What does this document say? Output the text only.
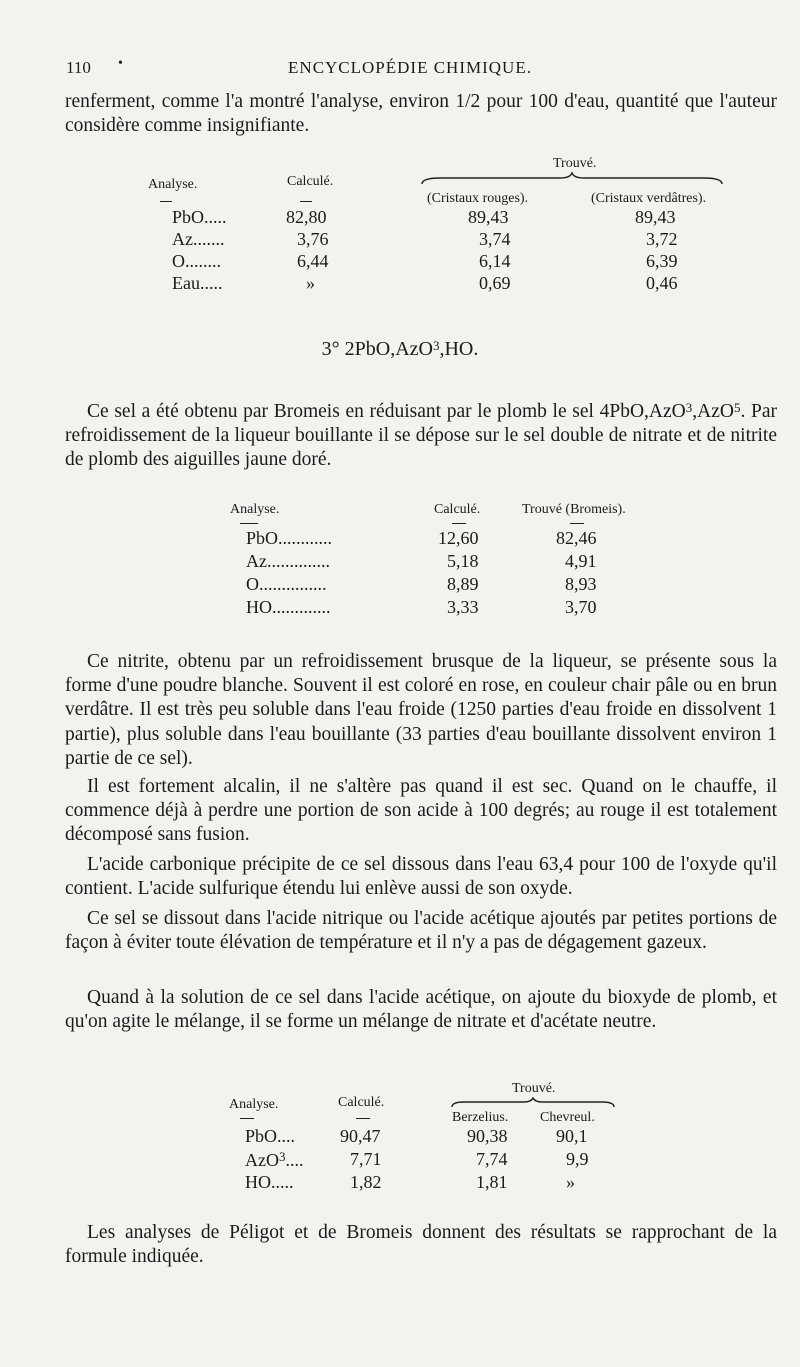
110 •	ENCYCLOPÉDIE CHIMIQUE.

renferment, comme l'a montré l'analyse, environ 1/2 pour 100 d'eau, quantité que l'auteur considère comme insignifiante.

Analyse.	Calculé.
Trouvé.
(Cristaux rouges).	(Cristaux verdâtres).
PbO.....	82,80	89,43	89,43
Az.......	3,76	3,74	3,72
O........	6,44	6,14	6,39
Eau.....	»	0,69	0,46
3° 2PbO,AzO$^3$,HO.

Ce sel a été obtenu par Bromeis en réduisant par le plomb le sel 4PbO,AzO$^3$,AzO$^5$. Par refroidissement de la liqueur bouillante il se dépose sur le sel double de nitrate et de nitrite de plomb des aiguilles jaune doré.

Analyse.	Calculé.	Trouvé (Bromeis).
PbO............	12,60	82,46
Az..............	5,18	4,91
O...............	8,89	8,93
HO.............	3,33	3,70

Ce nitrite, obtenu par un refroidissement brusque de la liqueur, se présente sous la forme d'une poudre blanche. Souvent il est coloré en rose, en couleur chair pâle ou en brun verdâtre. Il est très peu soluble dans l'eau froide (1250 parties d'eau froide en dissolvent 1 partie), plus soluble dans l'eau bouillante (33 parties d'eau bouillante dissolvent environ 1 partie de ce sel).

Il est fortement alcalin, il ne s'altère pas quand il est sec. Quand on le chauffe, il commence déjà à perdre une portion de son acide à 100 degrés; au rouge il est totalement décomposé sans fusion.

L'acide carbonique précipite de ce sel dissous dans l'eau 63,4 pour 100 de l'oxyde qu'il contient. L'acide sulfurique étendu lui enlève aussi de son oxyde.

Ce sel se dissout dans l'acide nitrique ou l'acide acétique ajoutés par petites portions de façon à éviter toute élévation de température et il n'y a pas de dégagement gazeux.

Quand à la solution de ce sel dans l'acide acétique, on ajoute du bioxyde de plomb, et qu'on agite le mélange, il se forme un mélange de nitrate et d'acétate neutre.

Trouvé.
Analyse.	Calculé.
Berzelius. Chevreul.
PbO.... 90,47	90,38	90,1
AzO$^3$....	7,71	7,74	9,9
HO.....	1,82	1,81	»

Les analyses de Péligot et de Bromeis donnent des résultats se rapprochant de la formule indiquée.
